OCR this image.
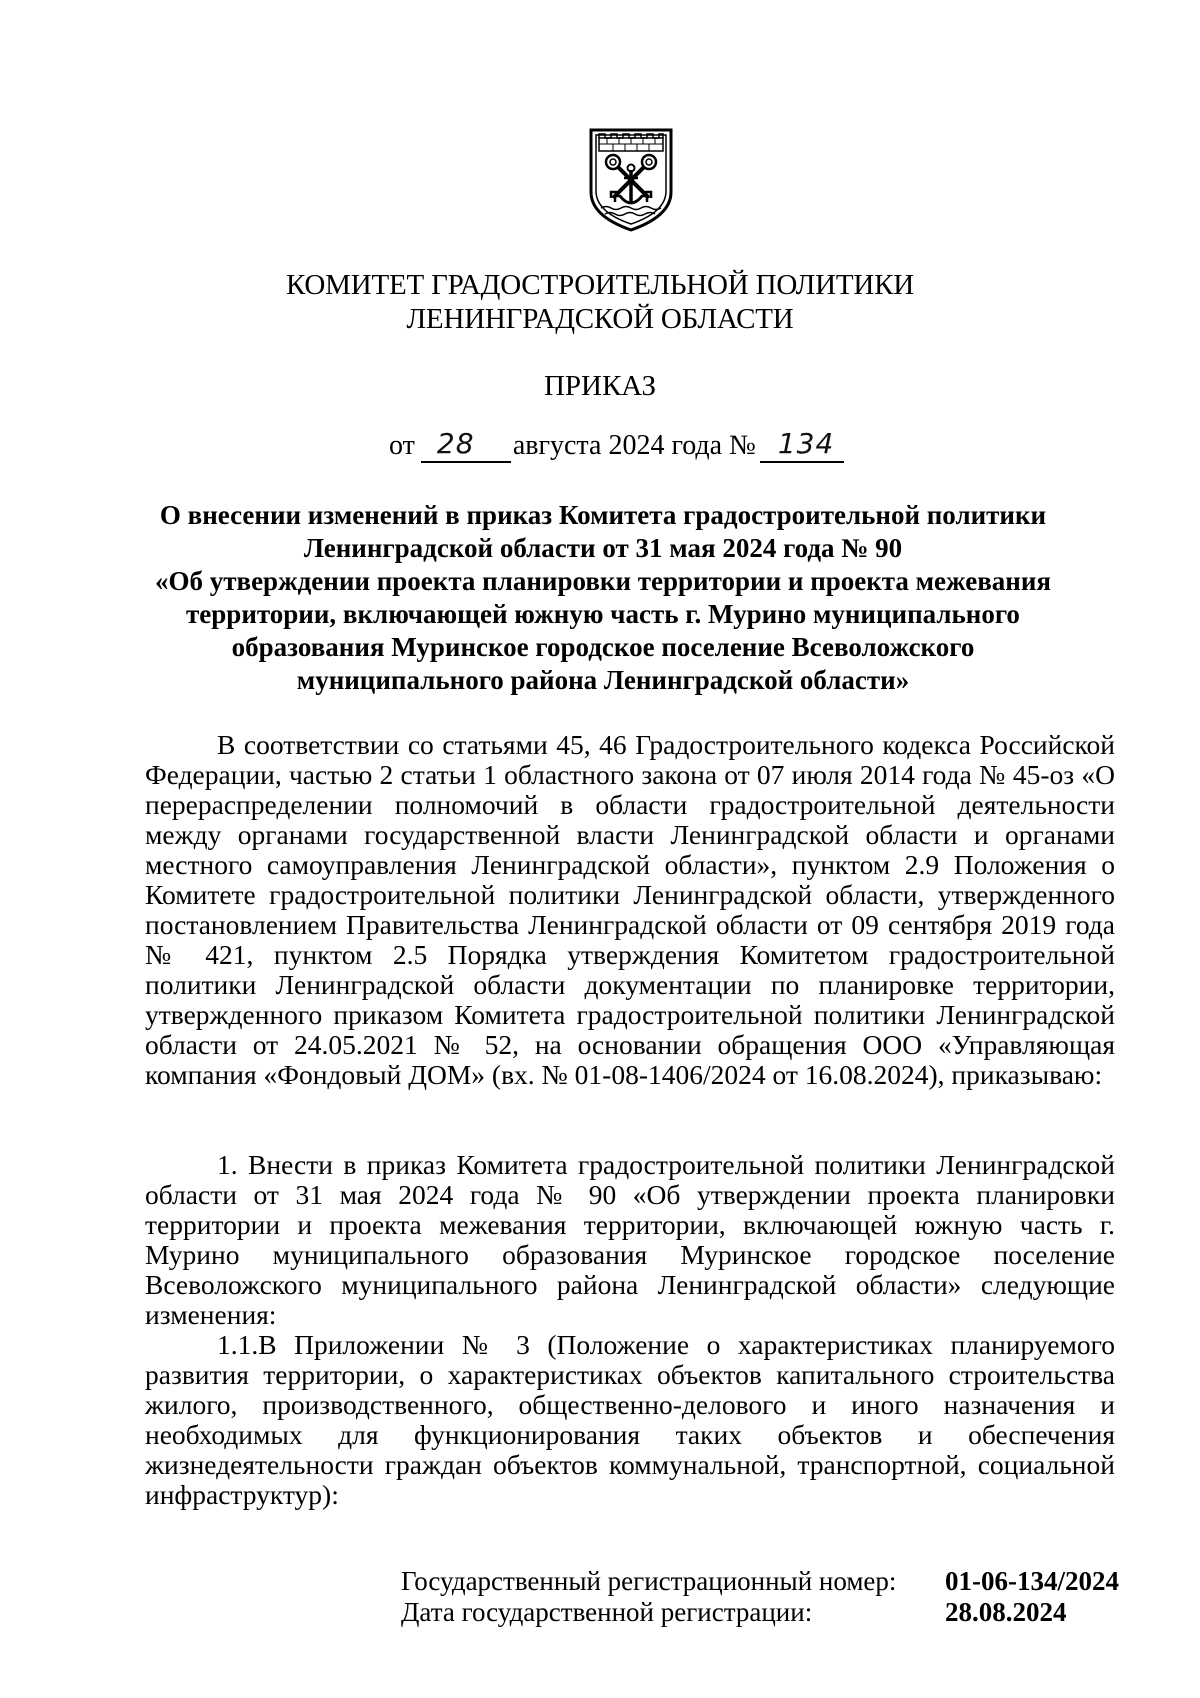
КОМИТЕТ ГРАДОСТРОИТЕЛЬНОЙ ПОЛИТИКИ
ЛЕНИНГРАДСКОЙ ОБЛАСТИ
ПРИКАЗ
от 28 августа 2024 года № 134
О внесении изменений в приказ Комитета градостроительной политики
Ленинградской области от 31 мая 2024 года № 90
«Об утверждении проекта планировки территории и проекта межевания
территории, включающей южную часть г. Мурино муниципального
образования Муринское городское поселение Всеволожского
муниципального района Ленинградской области»

В соответствии со статьями 45, 46 Градостроительного кодекса Российской Федерации, частью 2 статьи 1 областного закона от 07 июля 2014 года № 45-оз «О перераспределении полномочий в области градостроительной деятельности между органами государственной власти Ленинградской области и органами местного самоуправления Ленинградской области», пунктом 2.9 Положения о Комитете градостроительной политики Ленинградской области, утвержденного постановлением Правительства Ленинградской области от 09 сентября 2019 года № 421, пунктом 2.5 Порядка утверждения Комитетом градостроительной политики Ленинградской области документации по планировке территории, утвержденного приказом Комитета градостроительной политики Ленинградской области от 24.05.2021 № 52, на основании обращения ООО «Управляющая компания «Фондовый ДОМ» (вх. № 01-08-1406/2024 от 16.08.2024), приказываю:

1. Внести в приказ Комитета градостроительной политики Ленинградской области от 31 мая 2024 года № 90 «Об утверждении проекта планировки территории и проекта межевания территории, включающей южную часть г. Мурино муниципального образования Муринское городское поселение Всеволожского муниципального района Ленинградской области» следующие изменения:

1.1.В Приложении № 3 (Положение о характеристиках планируемого развития территории, о характеристиках объектов капитального строительства жилого, производственного, общественно-делового и иного назначения и необходимых для функционирования таких объектов и обеспечения жизнедеятельности граждан объектов коммунальной, транспортной, социальной инфраструктур):

Государственный регистрационный номер: 01-06-134/2024
Дата государственной регистрации:	28.08.2024
